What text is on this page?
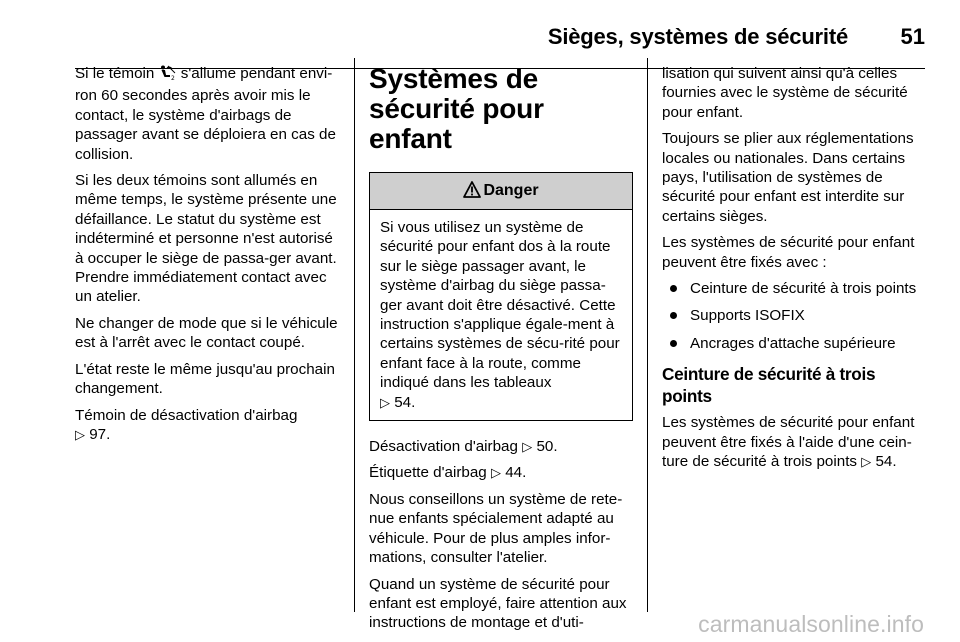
Sièges, systèmes de sécurité 51

Si le témoin 2 s'allume pendant envi-ron 60 secondes après avoir mis le contact, le système d'airbags de passager avant se déploiera en cas de collision.

Si les deux témoins sont allumés en même temps, le système présente une défaillance. Le statut du système est indéterminé et personne n'est autorisé à occuper le siège de passa-ger avant. Prendre immédiatement contact avec un atelier.

Ne changer de mode que si le véhicule est à l'arrêt avec le contact coupé.

L'état reste le même jusqu'au prochain changement.

Témoin de désactivation d'airbag
▷ 97.

Systèmes de sécurité pour enfant
Danger
Si vous utilisez un système de sécurité pour enfant dos à la route sur le siège passager avant, le système d'airbag du siège passa-ger avant doit être désactivé. Cette instruction s'applique égale-ment à certains systèmes de sécu-rité pour enfant face à la route, comme indiqué dans les tableaux
▷ 54.

Désactivation d'airbag ▷ 50.

Étiquette d'airbag ▷ 44.

Nous conseillons un système de rete-nue enfants spécialement adapté au véhicule. Pour de plus amples infor-mations, consulter l'atelier.

Quand un système de sécurité pour enfant est employé, faire attention aux instructions de montage et d'uti-

lisation qui suivent ainsi qu'à celles fournies avec le système de sécurité pour enfant.

Toujours se plier aux réglementations locales ou nationales. Dans certains pays, l'utilisation de systèmes de sécurité pour enfant est interdite sur certains sièges.

Les systèmes de sécurité pour enfant peuvent être fixés avec :

Ceinture de sécurité à trois points
Supports ISOFIX
Ancrages d'attache supérieure
Ceinture de sécurité à trois points

Les systèmes de sécurité pour enfant peuvent être fixés à l'aide d'une cein-ture de sécurité à trois points ▷ 54.

carmanualsonline.info
